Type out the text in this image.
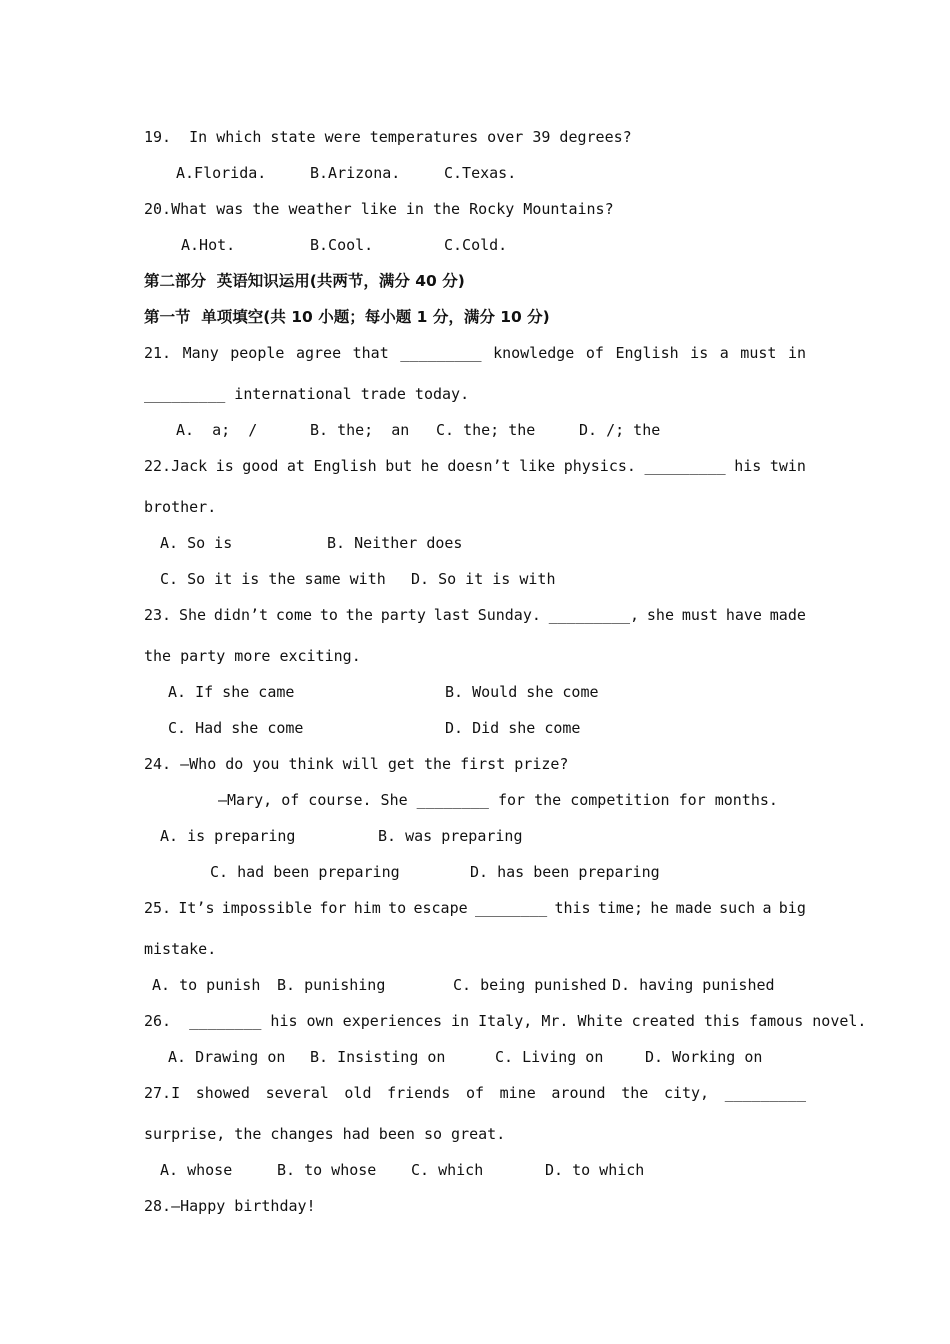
19.  In which state were temperatures over 39 degrees?
A.Florida.	B.Arizona.	C.Texas.
20.What was the weather like in the Rocky Mountains?
A.Hot.	B.Cool.	C.Cold.
第二部分  英语知识运用(共两节，满分 40 分)
第一节  单项填空(共 10 小题；每小题 1 分，满分 10 分)
21. Many people agree that _________ knowledge of English is a must in
_________ international trade today.
A.  a;  /	B. the;  an C. the; the	D. /; the
22.Jack is good at English but he doesn’t like physics. _________ his twin
brother.
A. So is	B. Neither does
C. So it is the same with D. So it is with
23. She didn’t come to the party last Sunday. _________, she must have made
the party more exciting.
A. If she came	B. Would she come
C. Had she come	D. Did she come
24. —Who do you think will get the first prize?
—Mary, of course. She ________ for the competition for months.
A. is preparing	B. was preparing
C. had been preparing	D. has been preparing
25. It’s impossible for him to escape ________ this time; he made such a big
mistake.
A. to punish B. punishing	C. being punished D. having punished
26.  ________ his own experiences in Italy, Mr. White created this famous novel.
A. Drawing on B. Insisting on	C. Living on	D. Working on
27.I showed several old friends of mine around the city, _________
surprise, the changes had been so great.
A. whose	B. to whose C. which	D. to which
28.—Happy birthday!
